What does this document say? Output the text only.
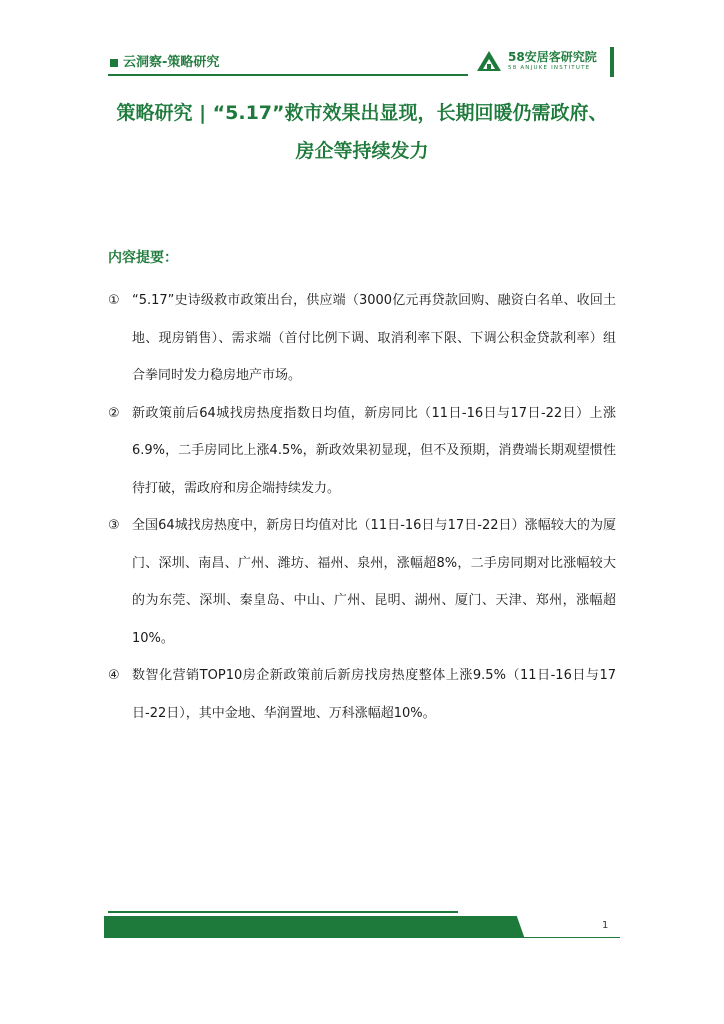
云洞察-策略研究	58安居客研究院
58 ANJUKE INSTITUTE
策略研究 | “5.17”救市效果出显现，长期回暖仍需政府、房企等持续发力
内容提要：
① “5.17”史诗级救市政策出台，供应端（3000亿元再贷款回购、融资白名单、收回土地、现房销售）、需求端（首付比例下调、取消利率下限、下调公积金贷款利率）组合拳同时发力稳房地产市场。
② 新政策前后64城找房热度指数日均值，新房同比（11日-16日与17日-22日）上涨6.9%，二手房同比上涨4.5%，新政效果初显现，但不及预期，消费端长期观望惯性待打破，需政府和房企端持续发力。
③ 全国64城找房热度中，新房日均值对比（11日-16日与17日-22日）涨幅较大的为厦门、深圳、南昌、广州、潍坊、福州、泉州，涨幅超8%，二手房同期对比涨幅较大的为东莞、深圳、秦皇岛、中山、广州、昆明、湖州、厦门、天津、郑州，涨幅超10%。
④ 数智化营销TOP10房企新政策前后新房找房热度整体上涨9.5%（11日-16日与17日-22日），其中金地、华润置地、万科涨幅超10%。
1
